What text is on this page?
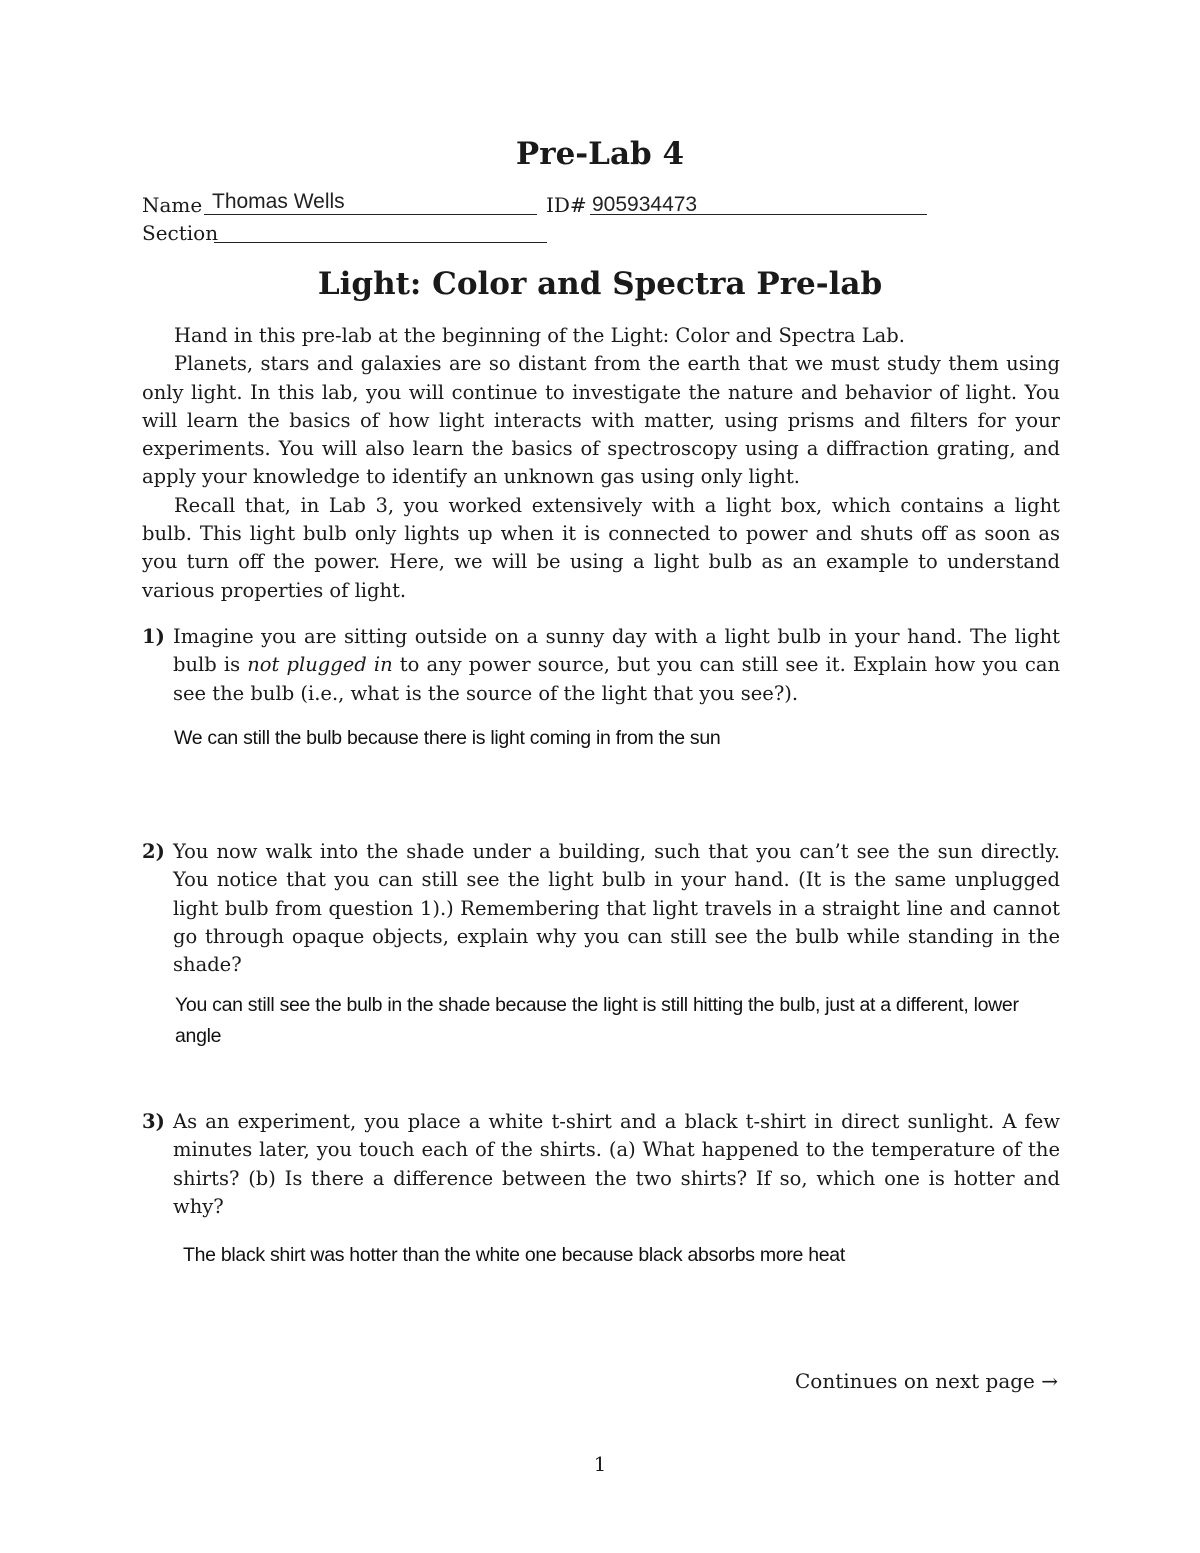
Pre-Lab 4
Name Thomas Wells	ID# 905934473
Section
Light: Color and Spectra Pre-lab

Hand in this pre-lab at the beginning of the Light: Color and Spectra Lab.

Planets, stars and galaxies are so distant from the earth that we must study them using only light. In this lab, you will continue to investigate the nature and behavior of light. You will learn the basics of how light interacts with matter, using prisms and filters for your experiments. You will also learn the basics of spectroscopy using a diffraction grating, and apply your knowledge to identify an unknown gas using only light.

Recall that, in Lab 3, you worked extensively with a light box, which contains a light bulb. This light bulb only lights up when it is connected to power and shuts off as soon as you turn off the power. Here, we will be using a light bulb as an example to understand various properties of light.

1) Imagine you are sitting outside on a sunny day with a light bulb in your hand. The light bulb is not plugged in to any power source, but you can still see it. Explain how you can see the bulb (i.e., what is the source of the light that you see?).
We can still the bulb because there is light coming in from the sun
2) You now walk into the shade under a building, such that you can’t see the sun directly. You notice that you can still see the light bulb in your hand. (It is the same unplugged light bulb from question 1).) Remembering that light travels in a straight line and cannot go through opaque objects, explain why you can still see the bulb while standing in the shade?
You can still see the bulb in the shade because the light is still hitting the bulb, just at a different, lower angle
3) As an experiment, you place a white t-shirt and a black t-shirt in direct sunlight. A few minutes later, you touch each of the shirts. (a) What happened to the temperature of the shirts? (b) Is there a difference between the two shirts? If so, which one is hotter and why?
The black shirt was hotter than the white one because black absorbs more heat
Continues on next page →
1
